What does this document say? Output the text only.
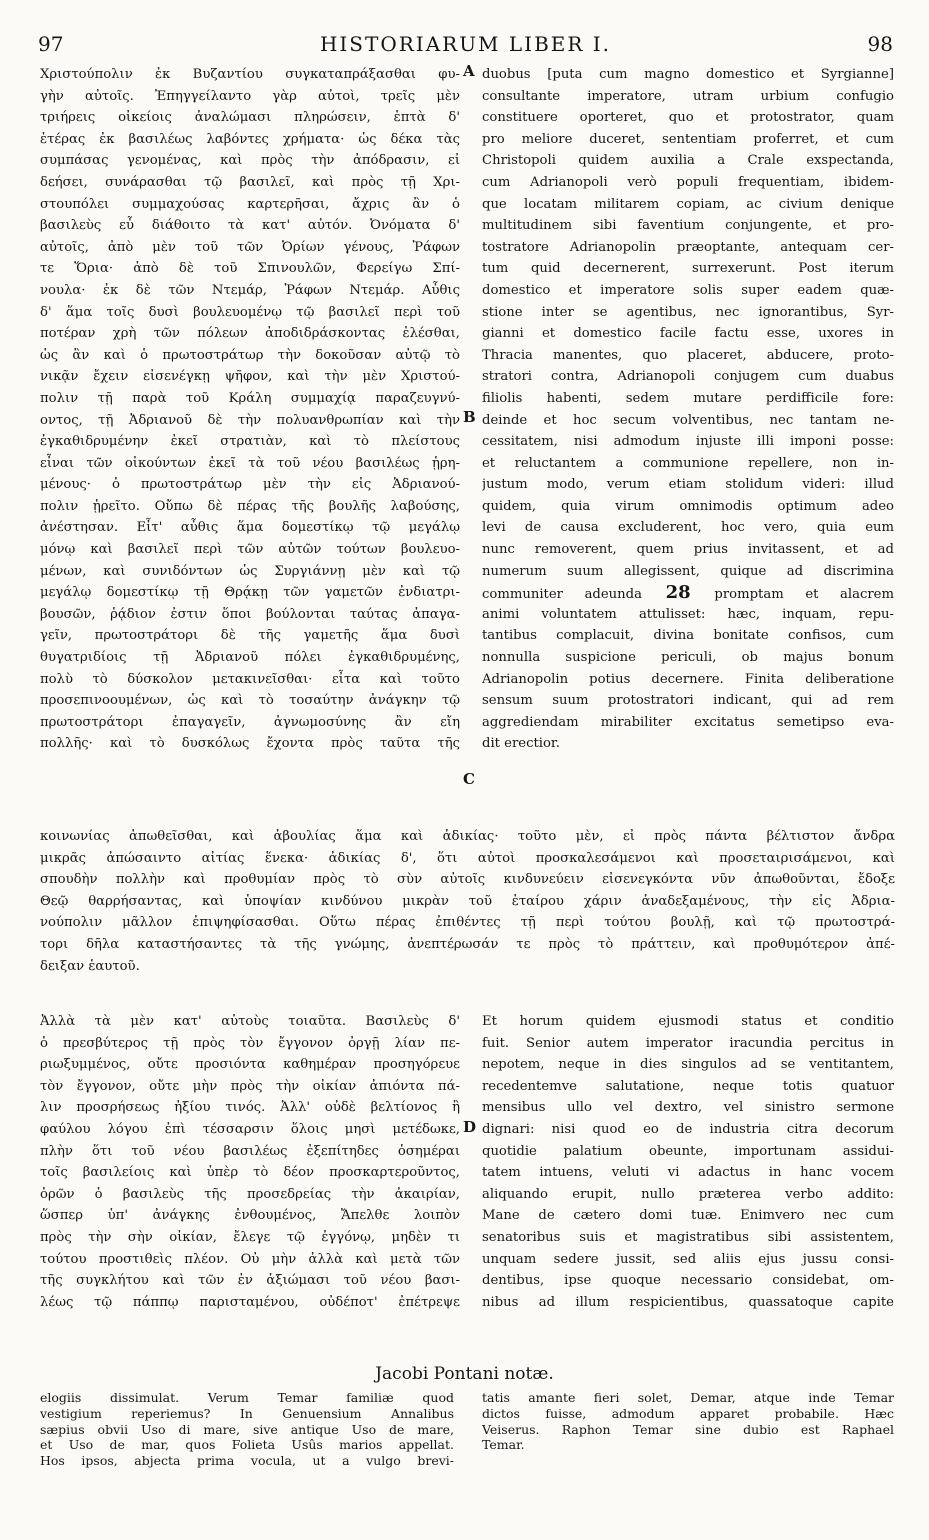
97	HISTORIARUM LIBER I.	98
Χριστούπολιν ἐκ Βυζαντίου συγκαταπράξασθαι φυ-
γὴν αὐτοῖς. Ἐπηγγείλαντο γὰρ αὐτοὶ, τρεῖς μὲν
τριήρεις οἰκείοις ἀναλώμασι πληρώσειν, ἑπτὰ δ'
ἑτέρας ἐκ βασιλέως λαβόντες χρήματα· ὡς δέκα τὰς
συμπάσας γενομένας, καὶ πρὸς τὴν ἀπόδρασιν, εἰ
δεήσει, συνάρασθαι τῷ βασιλεῖ, καὶ πρὸς τῇ Χρι-
στουπόλει συμμαχούσας καρτερῆσαι, ἄχρις ἂν ὁ
βασιλεὺς εὖ διάθοιτο τὰ κατ' αὐτόν. Ὀνόματα δ'
αὐτοῖς, ἀπὸ μὲν τοῦ τῶν Ὀρίων γένους, Ῥάφων
τε Ὅρια· ἀπὸ δὲ τοῦ Σπινουλῶν, Φερείγω Σπί-
νουλα· ἐκ δὲ τῶν Ντεμάρ, Ῥάφων Ντεμάρ. Αὖθις
δ' ἅμα τοῖς δυσὶ βουλευομένῳ τῷ βασιλεῖ περὶ τοῦ
ποτέραν χρὴ τῶν πόλεων ἀποδιδράσκοντας ἑλέσθαι,
ὡς ἂν καὶ ὁ πρωτοστράτωρ τὴν δοκοῦσαν αὐτῷ τὸ
νικᾷν ἔχειν εἰσενέγκῃ ψῆφον, καὶ τὴν μὲν Χριστού-
πολιν τῇ παρὰ τοῦ Κράλη συμμαχίᾳ παραζευγνύ-
οντος, τῇ Ἀδριανοῦ δὲ τὴν πολυανθρωπίαν καὶ τὴν
ἐγκαθιδρυμένην ἐκεῖ στρατιὰν, καὶ τὸ πλείστους
εἶναι τῶν οἰκούντων ἐκεῖ τὰ τοῦ νέου βασιλέως ᾑρη-
μένους· ὁ πρωτοστράτωρ μὲν τὴν εἰς Ἀδριανού-
πολιν ᾑρεῖτο. Οὔπω δὲ πέρας τῆς βουλῆς λαβούσης,
ἀνέστησαν. Εἶτ' αὖθις ἅμα δομεστίκῳ τῷ μεγάλῳ
μόνῳ καὶ βασιλεῖ περὶ τῶν αὐτῶν τούτων βουλευο-
μένων, καὶ συνιδόντων ὡς Συργιάννῃ μὲν καὶ τῷ
μεγάλῳ δομεστίκῳ τῇ Θρᾴκῃ τῶν γαμετῶν ἐνδιατρι-
βουσῶν, ῥᾴδιον ἐστιν ὅποι βούλονται ταύτας ἀπαγα-
γεῖν, πρωτοστράτορι δὲ τῆς γαμετῆς ἅμα δυσὶ
θυγατριδίοις τῇ Ἀδριανοῦ πόλει ἐγκαθιδρυμένης,
πολὺ τὸ δύσκολον μετακινεῖσθαι· εἶτα καὶ τοῦτο
προσεπινοουμένων, ὡς καὶ τὸ τοσαύτην ἀνάγκην τῷ
πρωτοστράτορι ἐπαγαγεῖν, ἀγνωμοσύνης ἂν εἴη
πολλῆς· καὶ τὸ δυσκόλως ἔχοντα πρὸς ταῦτα τῆς
duobus [puta cum magno domestico et Syrgianne]
consultante imperatore, utram urbium confugio
constituere oporteret, quo et protostrator, quam
pro meliore duceret, sententiam proferret, et cum
Christopoli quidem auxilia a Crale exspectanda,
cum Adrianopoli verò populi frequentiam, ibidem-
que locatam militarem copiam, ac civium denique
multitudinem sibi faventium conjungente, et pro-
tostratore Adrianopolin præoptante, antequam cer-
tum quid decernerent, surrexerunt. Post iterum
domestico et imperatore solis super eadem quæ-
stione inter se agentibus, nec ignorantibus, Syr-
gianni et domestico facile factu esse, uxores in
Thracia manentes, quo placeret, abducere, proto-
stratori contra, Adrianopoli conjugem cum duabus
filiolis habenti, sedem mutare perdifficile fore:
deinde et hoc secum volventibus, nec tantam ne-
cessitatem, nisi admodum injuste illi imponi posse:
et reluctantem a communione repellere, non in-
justum modo, verum etiam stolidum videri: illud
quidem, quia virum omnimodis optimum adeo
levi de causa excluderent, hoc vero, quia eum
nunc removerent, quem prius invitassent, et ad
numerum suum allegissent, quique ad discrimina
communiter adeunda 28 promptam et alacrem
animi voluntatem attulisset: hæc, inquam, repu-
tantibus complacuit, divina bonitate confisos, cum
nonnulla suspicione periculi, ob majus bonum
Adrianopolin potius decernere. Finita deliberatione
sensum suum protostratori indicant, qui ad rem
aggrediendam mirabiliter excitatus semetipso eva-
dit erectior.
A
B
C
D
κοινωνίας ἀπωθεῖσθαι, καὶ ἀβουλίας ἅμα καὶ ἀδικίας· τοῦτο μὲν, εἰ πρὸς πάντα βέλτιστον ἄνδρα
μικρᾶς ἀπώσαιντο αἰτίας ἕνεκα· ἀδικίας δ', ὅτι αὐτοὶ προσκαλεσάμενοι καὶ προσεταιρισάμενοι, καὶ
σπουδὴν πολλὴν καὶ προθυμίαν πρὸς τὸ σὺν αὐτοῖς κινδυνεύειν εἰσενεγκόντα νῦν ἀπωθοῦνται, ἔδοξε
Θεῷ θαρρήσαντας, καὶ ὑποψίαν κινδύνου μικρὰν τοῦ ἑταίρου χάριν ἀναδεξαμένους, τὴν εἰς Ἀδρια-
νούπολιν μᾶλλον ἐπιψηφίσασθαι. Οὕτω πέρας ἐπιθέντες τῇ περὶ τούτου βουλῇ, καὶ τῷ πρωτοστρά-
τορι δῆλα καταστήσαντες τὰ τῆς γνώμης, ἀνεπτέρωσάν τε πρὸς τὸ πράττειν, καὶ προθυμότερον ἀπέ-
δειξαν ἑαυτοῦ.
Ἀλλὰ τὰ μὲν κατ' αὐτοὺς τοιαῦτα. Βασιλεὺς δ'
ὁ πρεσβύτερος τῇ πρὸς τὸν ἔγγονον ὀργῇ λίαν πε-
ριωξυμμένος, οὔτε προσιόντα καθημέραν προσηγόρευε
τὸν ἔγγονον, οὔτε μὴν πρὸς τὴν οἰκίαν ἀπιόντα πά-
λιν προσρήσεως ἠξίου τινός. Ἀλλ' οὐδὲ βελτίονος ἢ
φαύλου λόγου ἐπὶ τέσσαρσιν ὅλοις μησὶ μετέδωκε,
πλὴν ὅτι τοῦ νέου βασιλέως ἐξεπίτηδες ὁσημέραι
τοῖς βασιλείοις καὶ ὑπὲρ τὸ δέον προσκαρτεροῦντος,
ὁρῶν ὁ βασιλεὺς τῆς προσεδρείας τὴν ἀκαιρίαν,
ὥσπερ ὑπ' ἀνάγκης ἐνθουμένος, Ἄπελθε λοιπὸν
πρὸς τὴν σὴν οἰκίαν, ἔλεγε τῷ ἐγγόνῳ, μηδὲν τι
τούτου προστιθεὶς πλέον. Οὐ μὴν ἀλλὰ καὶ μετὰ τῶν
τῆς συγκλήτου καὶ τῶν ἐν ἀξιώμασι τοῦ νέου βασι-
λέως τῷ πάππῳ παρισταμένου, οὐδέποτ' ἐπέτρεψε
Et horum quidem ejusmodi status et conditio
fuit. Senior autem imperator iracundia percitus in
nepotem, neque in dies singulos ad se ventitantem,
recedentemve salutatione, neque totis quatuor
mensibus ullo vel dextro, vel sinistro sermone
dignari: nisi quod eo de industria citra decorum
quotidie palatium obeunte, importunam assidui-
tatem intuens, veluti vi adactus in hanc vocem
aliquando erupit, nullo præterea verbo addito:
Mane de cætero domi tuæ. Enimvero nec cum
senatoribus suis et magistratibus sibi assistentem,
unquam sedere jussit, sed aliis ejus jussu consi-
dentibus, ipse quoque necessario considebat, om-
nibus ad illum respicientibus, quassatoque capite
Jacobi Pontani notæ.
elogiis dissimulat. Verum Temar familiæ quod
vestigium reperiemus? In Genuensium Annalibus
sæpius obvii Uso di mare, sive antique Uso de mare,
et Uso de mar, quos Folieta Usûs marios appellat.
Hos ipsos, abjecta prima vocula, ut a vulgo brevi-
tatis amante fieri solet, Demar, atque inde Temar
dictos fuisse, admodum apparet probabile. Hæc
Veiserus. Raphon Temar sine dubio est Raphael
Temar.
